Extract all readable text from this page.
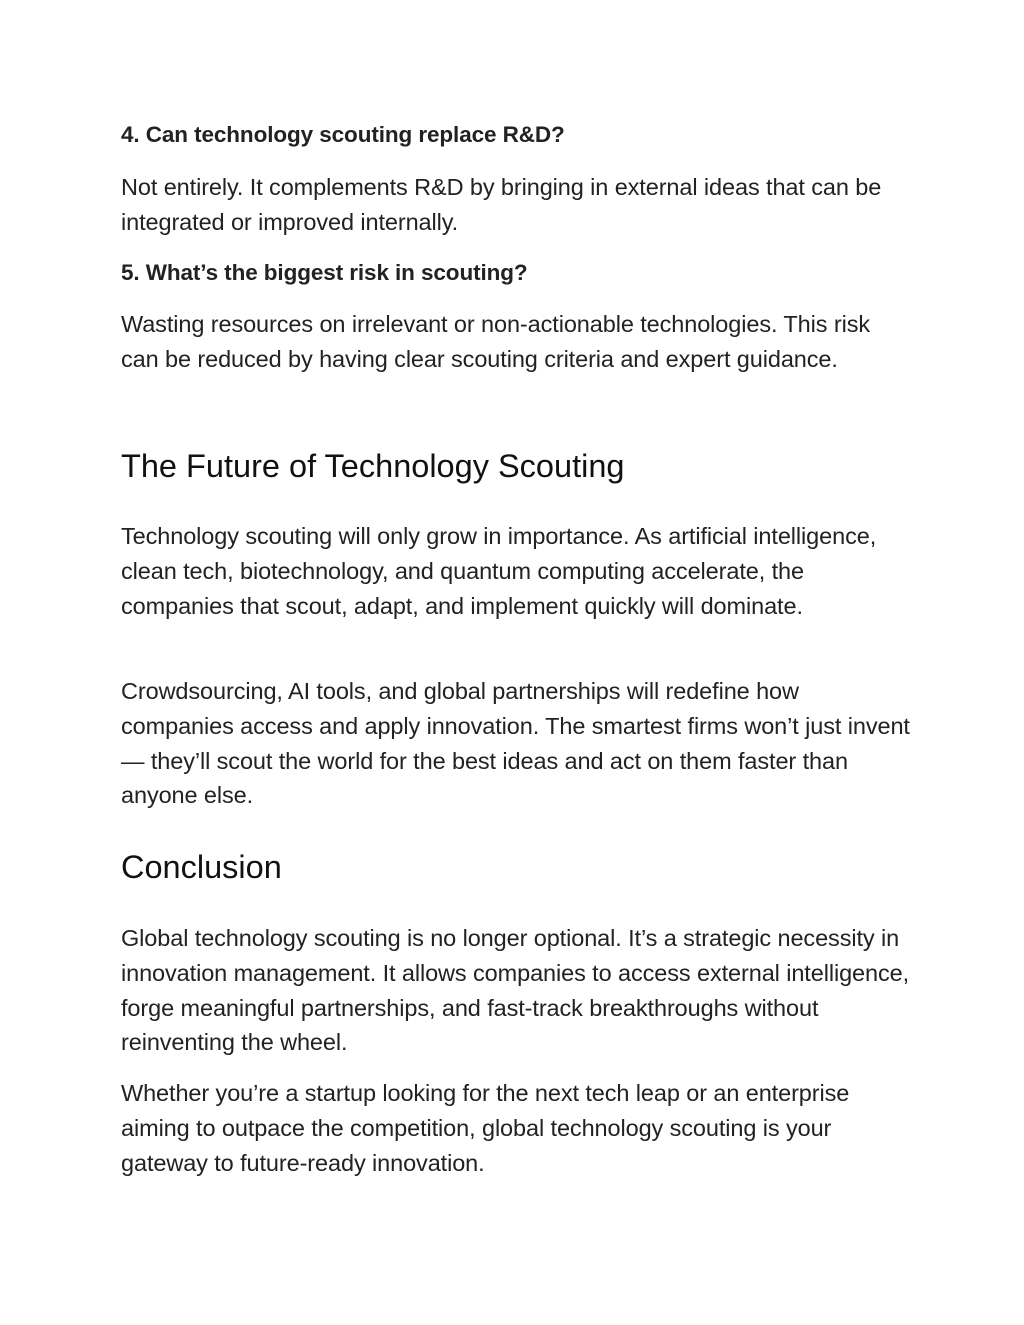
4. Can technology scouting replace R&D?

Not entirely. It complements R&D by bringing in external ideas that can be integrated or improved internally.

5. What’s the biggest risk in scouting?

Wasting resources on irrelevant or non-actionable technologies. This risk can be reduced by having clear scouting criteria and expert guidance.

The Future of Technology Scouting

Technology scouting will only grow in importance. As artificial intelligence, clean tech, biotechnology, and quantum computing accelerate, the companies that scout, adapt, and implement quickly will dominate.

Crowdsourcing, AI tools, and global partnerships will redefine how companies access and apply innovation. The smartest firms won’t just invent — they’ll scout the world for the best ideas and act on them faster than anyone else.

Conclusion

Global technology scouting is no longer optional. It’s a strategic necessity in innovation management. It allows companies to access external intelligence, forge meaningful partnerships, and fast-track breakthroughs without reinventing the wheel.

Whether you’re a startup looking for the next tech leap or an enterprise aiming to outpace the competition, global technology scouting is your gateway to future-ready innovation.
